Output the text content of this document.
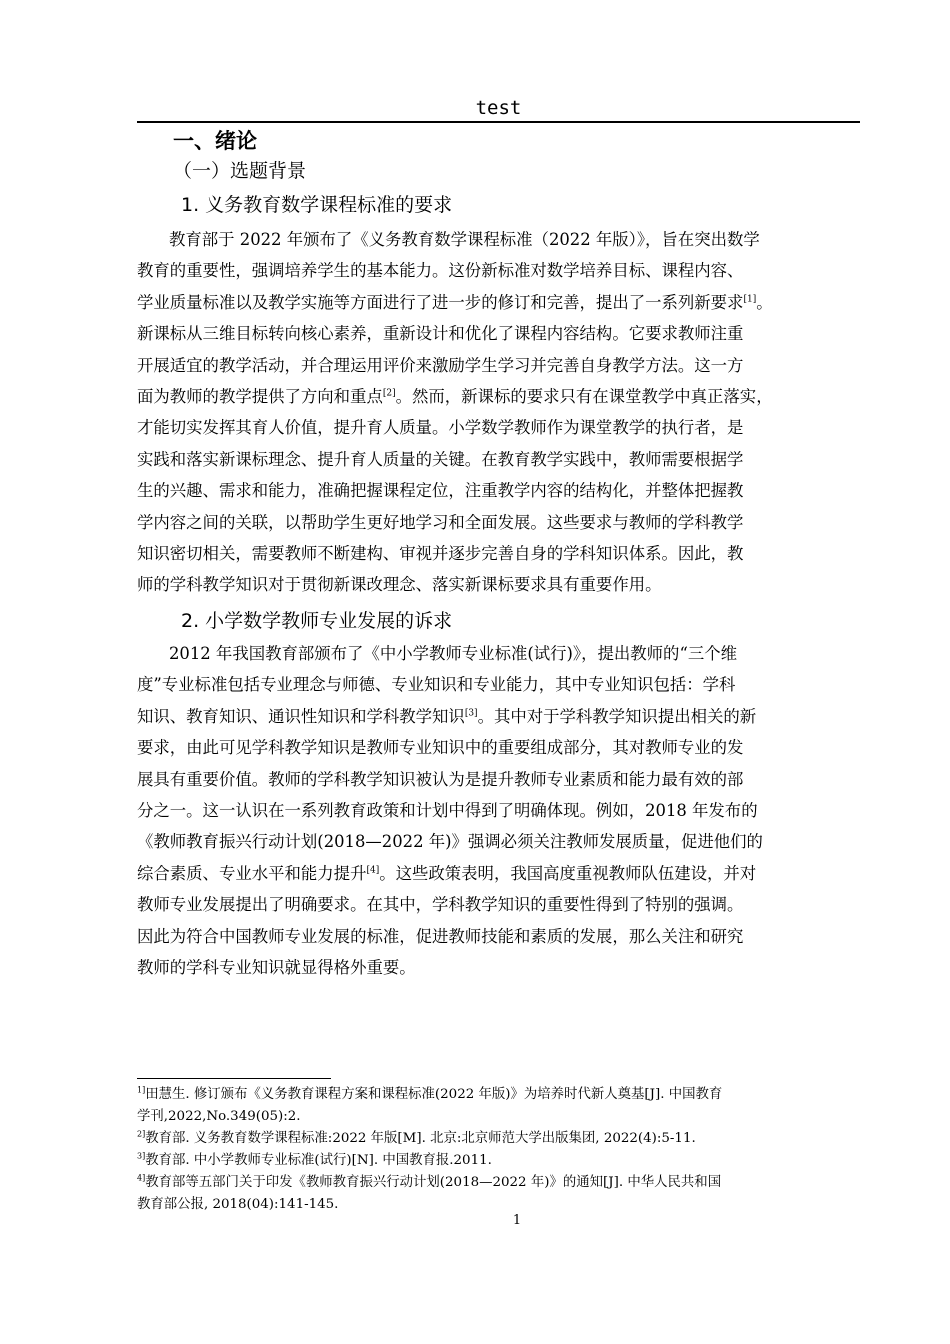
test
一、绪论
（一）选题背景
1. 义务教育数学课程标准的要求
教育部于 2022 年颁布了《义务教育数学课程标准（2022 年版）》，旨在突出数学
教育的重要性，强调培养学生的基本能力。这份新标准对数学培养目标、课程内容、
学业质量标准以及教学实施等方面进行了进一步的修订和完善，提出了一系列新要求[1]。
新课标从三维目标转向核心素养，重新设计和优化了课程内容结构。它要求教师注重
开展适宜的教学活动，并合理运用评价来激励学生学习并完善自身教学方法。这一方
面为教师的教学提供了方向和重点[2]。然而，新课标的要求只有在课堂教学中真正落实，
才能切实发挥其育人价值，提升育人质量。小学数学教师作为课堂教学的执行者，是
实践和落实新课标理念、提升育人质量的关键。在教育教学实践中，教师需要根据学
生的兴趣、需求和能力，准确把握课程定位，注重教学内容的结构化，并整体把握教
学内容之间的关联，以帮助学生更好地学习和全面发展。这些要求与教师的学科教学
知识密切相关，需要教师不断建构、审视并逐步完善自身的学科知识体系。因此，教
师的学科教学知识对于贯彻新课改理念、落实新课标要求具有重要作用。
2. 小学数学教师专业发展的诉求
2012 年我国教育部颁布了《中小学教师专业标准(试行)》，提出教师的“三个维
度”专业标准包括专业理念与师德、专业知识和专业能力，其中专业知识包括：学科
知识、教育知识、通识性知识和学科教学知识[3]。其中对于学科教学知识提出相关的新
要求，由此可见学科教学知识是教师专业知识中的重要组成部分，其对教师专业的发
展具有重要价值。教师的学科教学知识被认为是提升教师专业素质和能力最有效的部
分之一。这一认识在一系列教育政策和计划中得到了明确体现。例如，2018 年发布的
《教师教育振兴行动计划(2018—2022 年)》强调必须关注教师发展质量，促进他们的
综合素质、专业水平和能力提升[4]。这些政策表明，我国高度重视教师队伍建设，并对
教师专业发展提出了明确要求。在其中，学科教学知识的重要性得到了特别的强调。
因此为符合中国教师专业发展的标准，促进教师技能和素质的发展，那么关注和研究
教师的学科专业知识就显得格外重要。
$^{1]}$田慧生. 修订颁布《义务教育课程方案和课程标准(2022 年版)》为培养时代新人奠基[J]. 中国教育
学刊,2022,No.349(05):2.
$^{2]}$教育部. 义务教育数学课程标准:2022 年版[M]. 北京:北京师范大学出版集团, 2022(4):5-11.
$^{3]}$教育部. 中小学教师专业标准(试行)[N]. 中国教育报.2011.
$^{4]}$教育部等五部门关于印发《教师教育振兴行动计划(2018—2022 年)》的通知[J]. 中华人民共和国
教育部公报, 2018(04):141-145.
1
